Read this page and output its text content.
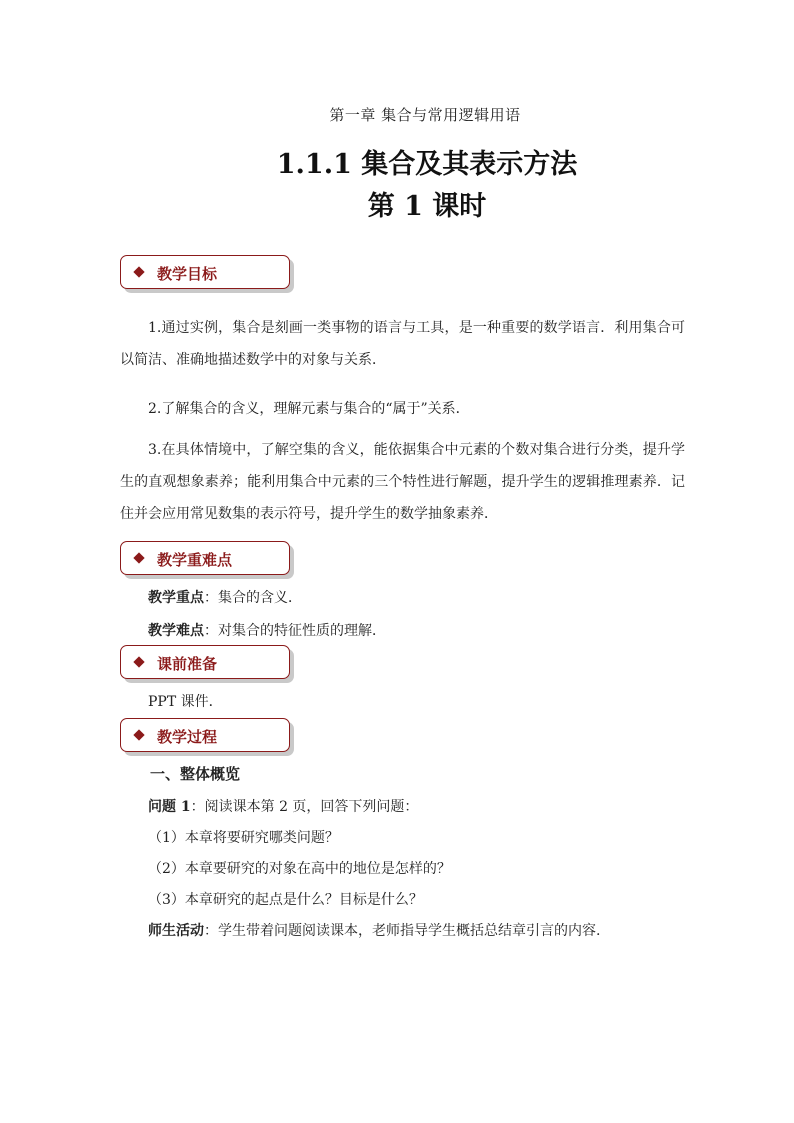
第一章 集合与常用逻辑用语
1.1.1 集合及其表示方法
第 1 课时
教学目标
1.通过实例，集合是刻画一类事物的语言与工具，是一种重要的数学语言．利用集合可以简洁、准确地描述数学中的对象与关系．
2.了解集合的含义，理解元素与集合的“属于”关系．
3.在具体情境中，了解空集的含义，能依据集合中元素的个数对集合进行分类，提升学生的直观想象素养；能利用集合中元素的三个特性进行解题，提升学生的逻辑推理素养．记住并会应用常见数集的表示符号，提升学生的数学抽象素养．
教学重难点
教学重点：集合的含义．
教学难点：对集合的特征性质的理解．
课前准备
PPT 课件．
教学过程
一、整体概览
问题 1：阅读课本第 2 页，回答下列问题：
（1）本章将要研究哪类问题？
（2）本章要研究的对象在高中的地位是怎样的？
（3）本章研究的起点是什么？目标是什么？
师生活动：学生带着问题阅读课本，老师指导学生概括总结章引言的内容.
